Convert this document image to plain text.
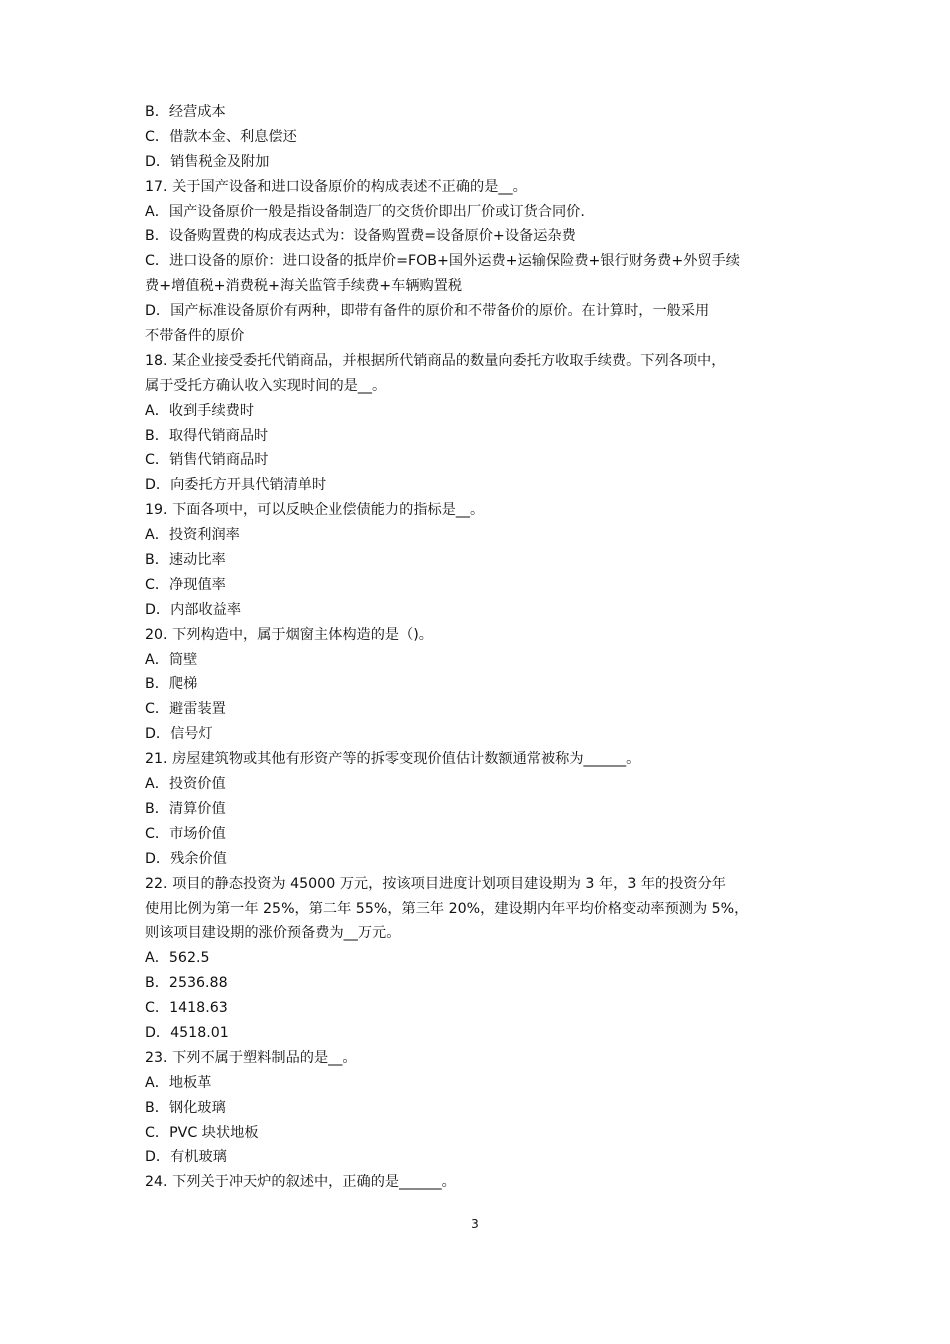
B．经营成本
C．借款本金、利息偿还
D．销售税金及附加
17. 关于国产设备和进口设备原价的构成表述不正确的是__。
A．国产设备原价一般是指设备制造厂的交货价即出厂价或订货合同价.
B．设备购置费的构成表达式为：设备购置费=设备原价+设备运杂费
C．进口设备的原价：进口设备的抵岸价=FOB+国外运费+运输保险费+银行财务费+外贸手续
费+增值税+消费税+海关监管手续费+车辆购置税
D．国产标准设备原价有两种，即带有备件的原价和不带备价的原价。在计算时，一般采用
不带备件的原价
18. 某企业接受委托代销商品，并根据所代销商品的数量向委托方收取手续费。下列各项中，
属于受托方确认收入实现时间的是__。
A．收到手续费时
B．取得代销商品时
C．销售代销商品时
D．向委托方开具代销清单时
19. 下面各项中，可以反映企业偿债能力的指标是__。
A．投资利润率
B．速动比率
C．净现值率
D．内部收益率
20. 下列构造中，属于烟窗主体构造的是（)。
A．筒壁
B．爬梯
C．避雷装置
D．信号灯
21. 房屋建筑物或其他有形资产等的拆零变现价值估计数额通常被称为______。
A．投资价值
B．清算价值
C．市场价值
D．残余价值
22. 项目的静态投资为 45000 万元，按该项目进度计划项目建设期为 3 年，3 年的投资分年
使用比例为第一年 25%，第二年 55%，第三年 20%，建设期内年平均价格变动率预测为 5%，
则该项目建设期的涨价预备费为__万元。
A．562.5
B．2536.88
C．1418.63
D．4518.01
23. 下列不属于塑料制品的是__。
A．地板革
B．钢化玻璃
C．PVC 块状地板
D．有机玻璃
24. 下列关于冲天炉的叙述中，正确的是______。
3
